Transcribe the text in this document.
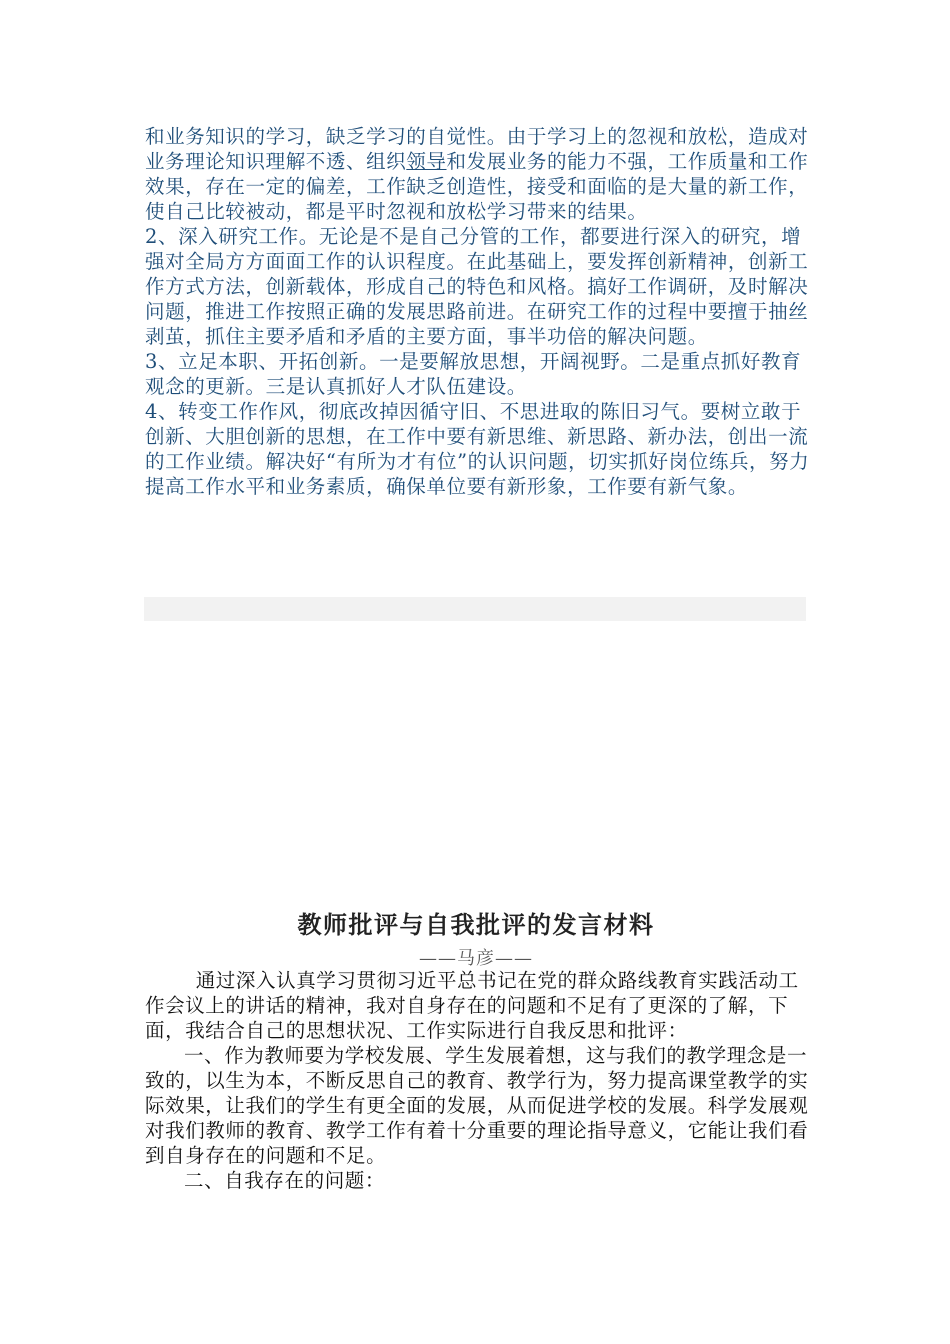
和业务知识的学习，缺乏学习的自觉性。由于学习上的忽视和放松，造成对业务理论知识理解不透、组织领导和发展业务的能力不强，工作质量和工作效果，存在一定的偏差，工作缺乏创造性，接受和面临的是大量的新工作，使自己比较被动，都是平时忽视和放松学习带来的结果。

2、深入研究工作。无论是不是自己分管的工作，都要进行深入的研究，增强对全局方方面面工作的认识程度。在此基础上，要发挥创新精神，创新工作方式方法，创新载体，形成自己的特色和风格。搞好工作调研，及时解决问题，推进工作按照正确的发展思路前进。在研究工作的过程中要擅于抽丝剥茧，抓住主要矛盾和矛盾的主要方面，事半功倍的解决问题。

3、立足本职、开拓创新。一是要解放思想，开阔视野。二是重点抓好教育观念的更新。三是认真抓好人才队伍建设。

4、转变工作作风，彻底改掉因循守旧、不思进取的陈旧习气。要树立敢于创新、大胆创新的思想，在工作中要有新思维、新思路、新办法，创出一流的工作业绩。解决好“有所为才有位”的认识问题，切实抓好岗位练兵，努力提高工作水平和业务素质，确保单位要有新形象，工作要有新气象。

教师批评与自我批评的发言材料

——马彦——

通过深入认真学习贯彻习近平总书记在党的群众路线教育实践活动工作会议上的讲话的精神，我对自身存在的问题和不足有了更深的了解，下面，我结合自己的思想状况、工作实际进行自我反思和批评：

一、作为教师要为学校发展、学生发展着想，这与我们的教学理念是一致的，以生为本，不断反思自己的教育、教学行为，努力提高课堂教学的实际效果，让我们的学生有更全面的发展，从而促进学校的发展。科学发展观对我们教师的教育、教学工作有着十分重要的理论指导意义，它能让我们看到自身存在的问题和不足。

二、自我存在的问题：
